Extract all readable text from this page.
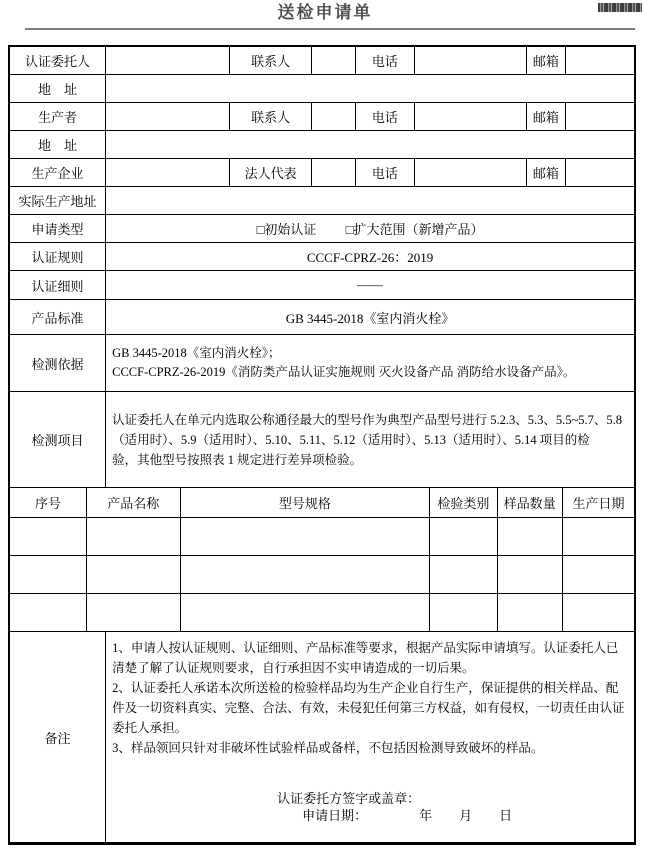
送检申请单
认证委托人		联系人		电话		邮箱	
地　址							
生产者		联系人		电话		邮箱	
地　址							
生产企业		法人代表		电话		邮箱	
实际生产地址							
申请类型	□初始认证 □扩大范围（新增产品）						
认证规则	CCCF-CPRZ-26：2019						
认证细则	——						
产品标准	GB 3445-2018《室内消火栓》						
检测依据	GB 3445-2018《室内消火栓》；
CCCF-CPRZ-26-2019《消防类产品认证实施规则 灭火设备产品 消防给水设备产品》。						

检测项目	认证委托人在单元内选取公称通径最大的型号作为典型产品型号进行 5.2.3、5.3、5.5~5.7、5.8
（适用时）、5.9（适用时）、5.10、5.11、5.12（适用时）、5.13（适用时）、5.14 项目的检
验，其他型号按照表 1 规定进行差异项检验。						
序号	产品名称	型号规格	检验类别	样品数量	生产日期

备注	
1、申请人按认证规则、认证细则、产品标准等要求，根据产品实际申请填写。认证委托人已
清楚了解了认证规则要求，自行承担因不实申请造成的一切后果。
2、认证委托人承诺本次所送检的检验样品均为生产企业自行生产，保证提供的相关样品、配
件及一切资料真实、完整、合法、有效，未侵犯任何第三方权益，如有侵权，一切责任由认证
委托人承担。
3、样品领回只针对非破坏性试验样品或备样，不包括因检测导致破坏的样品。
认证委托方签字或盖章：
申请日期：	年 月 日
